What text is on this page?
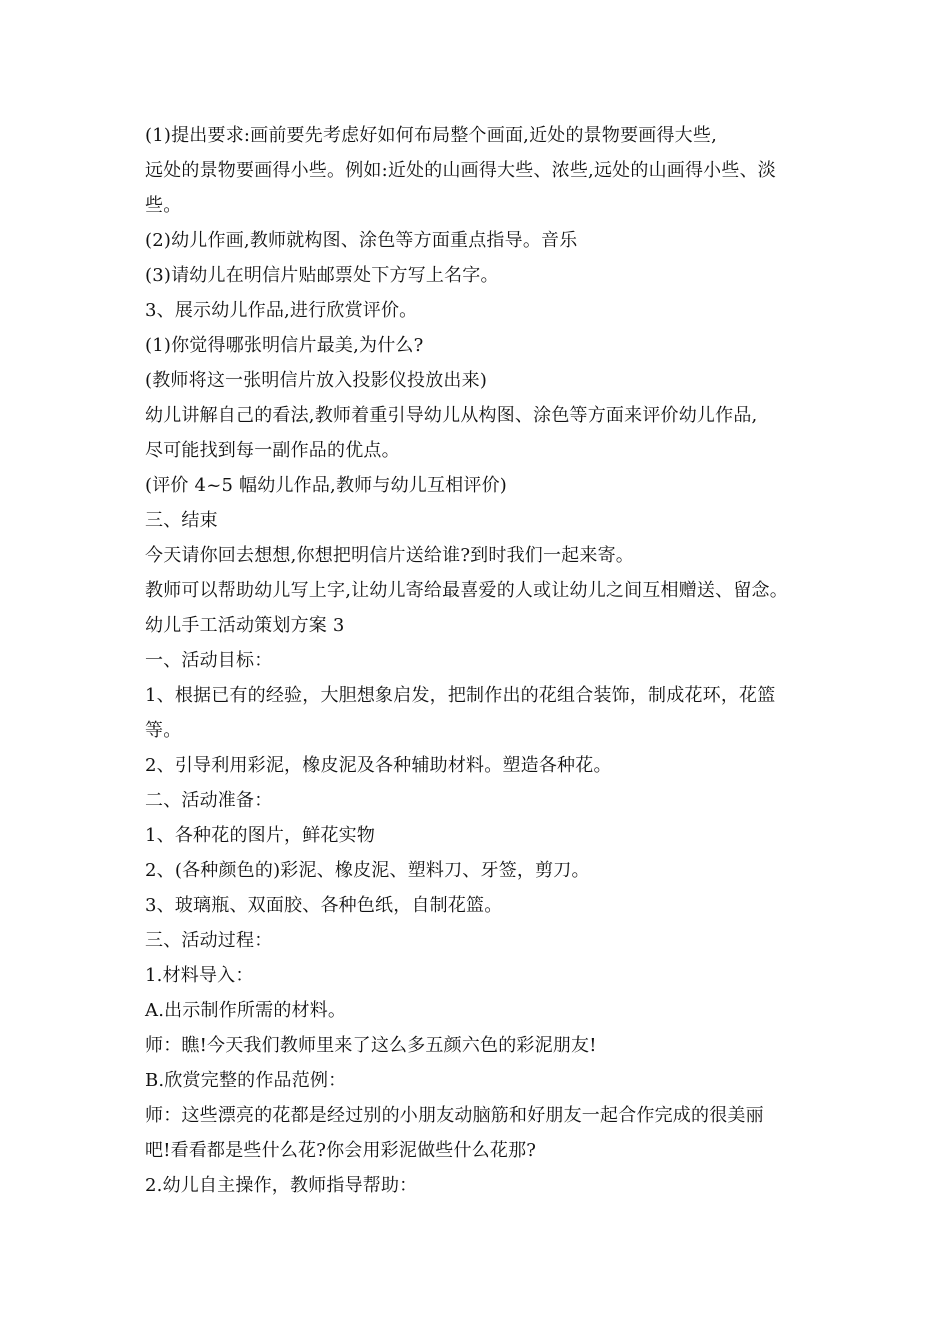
(1)提出要求:画前要先考虑好如何布局整个画面,近处的景物要画得大些,
远处的景物要画得小些。例如:近处的山画得大些、浓些,远处的山画得小些、淡
些。
(2)幼儿作画,教师就构图、涂色等方面重点指导。音乐
(3)请幼儿在明信片贴邮票处下方写上名字。
3、展示幼儿作品,进行欣赏评价。
(1)你觉得哪张明信片最美,为什么?
(教师将这一张明信片放入投影仪投放出来)
幼儿讲解自己的看法,教师着重引导幼儿从构图、涂色等方面来评价幼儿作品,
尽可能找到每一副作品的优点。
(评价 4~5 幅幼儿作品,教师与幼儿互相评价)
三、结束
今天请你回去想想,你想把明信片送给谁?到时我们一起来寄。
教师可以帮助幼儿写上字,让幼儿寄给最喜爱的人或让幼儿之间互相赠送、留念。
幼儿手工活动策划方案 3
一、活动目标：
1、根据已有的经验，大胆想象启发，把制作出的花组合装饰，制成花环，花篮
等。
2、引导利用彩泥，橡皮泥及各种辅助材料。塑造各种花。
二、活动准备：
1、各种花的图片，鲜花实物
2、(各种颜色的)彩泥、橡皮泥、塑料刀、牙签，剪刀。
3、玻璃瓶、双面胶、各种色纸，自制花篮。
三、活动过程：
1.材料导入：
A.出示制作所需的材料。
师：瞧!今天我们教师里来了这么多五颜六色的彩泥朋友!
B.欣赏完整的作品范例：
师：这些漂亮的花都是经过别的小朋友动脑筋和好朋友一起合作完成的很美丽
吧!看看都是些什么花?你会用彩泥做些什么花那?
2.幼儿自主操作，教师指导帮助：
